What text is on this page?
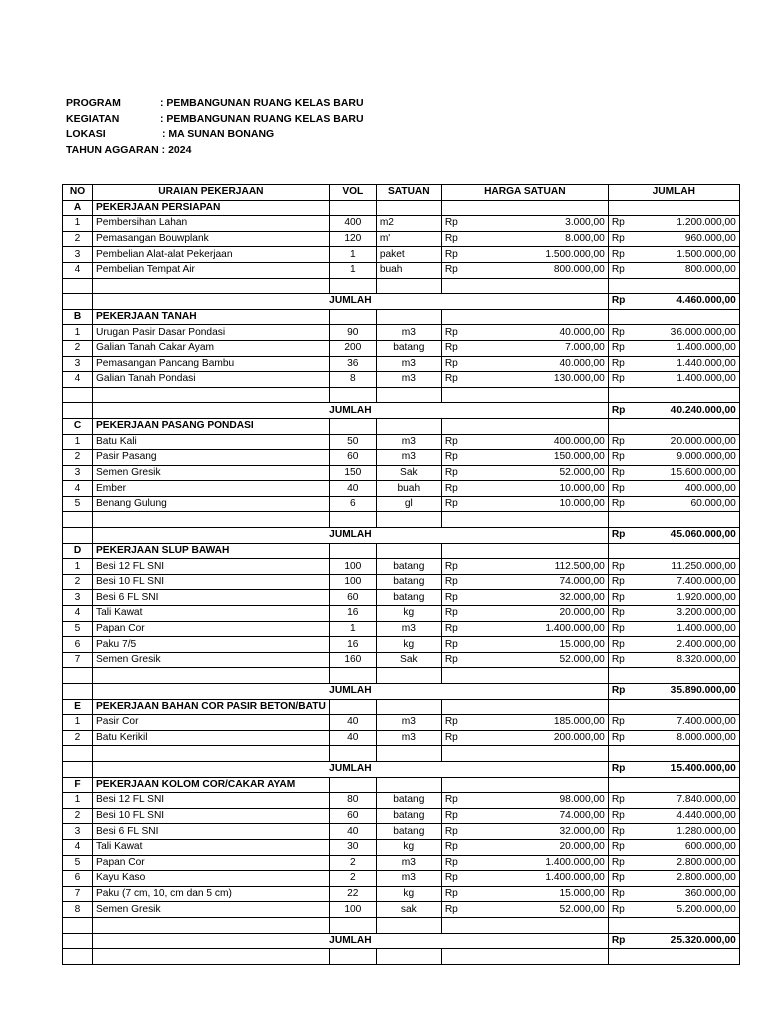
PROGRAM	: PEMBANGUNAN RUANG KELAS BARU
KEGIATAN	: PEMBANGUNAN RUANG KELAS BARU
LOKASI	: MA SUNAN BONANG
TAHUN AGGARAN : 2024
NO	URAIAN PEKERJAAN	VOL	SATUAN	HARGA SATUAN		JUMLAH	
A	PEKERJAAN PERSIAPAN						
1	Pembersihan Lahan	400	m2	Rp	3.000,00	Rp	1.200.000,00
2	Pemasangan Bouwplank	120	m'	Rp	8.000,00	Rp	960.000,00
3	Pembelian Alat-alat Pekerjaan	1	paket	Rp	1.500.000,00	Rp	1.500.000,00
4	Pembelian Tempat Air	1	buah	Rp	800.000,00	Rp	800.000,00

	JUMLAH					Rp	4.460.000,00
B	PEKERJAAN TANAH						
1	Urugan Pasir Dasar Pondasi	90	m3	Rp	40.000,00	Rp	36.000.000,00
2	Galian Tanah Cakar Ayam	200	batang	Rp	7.000,00	Rp	1.400.000,00
3	Pemasangan Pancang Bambu	36	m3	Rp	40.000,00	Rp	1.440.000,00
4	Galian Tanah Pondasi	8	m3	Rp	130.000,00	Rp	1.400.000,00

	JUMLAH					Rp	40.240.000,00
C	PEKERJAAN PASANG PONDASI						
1	Batu Kali	50	m3	Rp	400.000,00	Rp	20.000.000,00
2	Pasir Pasang	60	m3	Rp	150.000,00	Rp	9.000.000,00
3	Semen Gresik	150	Sak	Rp	52.000,00	Rp	15.600.000,00
4	Ember	40	buah	Rp	10.000,00	Rp	400.000,00
5	Benang Gulung	6	gl	Rp	10.000,00	Rp	60.000,00

	JUMLAH					Rp	45.060.000,00
D	PEKERJAAN SLUP BAWAH						
1	Besi 12 FL SNI	100	batang	Rp	112.500,00	Rp	11.250.000,00
2	Besi 10 FL SNI	100	batang	Rp	74.000,00	Rp	7.400.000,00
3	Besi 6 FL SNI	60	batang	Rp	32.000,00	Rp	1.920.000,00
4	Tali Kawat	16	kg	Rp	20.000,00	Rp	3.200.000,00
5	Papan Cor	1	m3	Rp	1.400.000,00	Rp	1.400.000,00
6	Paku 7/5	16	kg	Rp	15.000,00	Rp	2.400.000,00
7	Semen Gresik	160	Sak	Rp	52.000,00	Rp	8.320.000,00

	JUMLAH					Rp	35.890.000,00
E	PEKERJAAN BAHAN COR PASIR BETON/BATU						
1	Pasir Cor	40	m3	Rp	185.000,00	Rp	7.400.000,00
2	Batu Kerikil	40	m3	Rp	200.000,00	Rp	8.000.000,00

	JUMLAH					Rp	15.400.000,00
F	PEKERJAAN KOLOM COR/CAKAR AYAM						
1	Besi 12 FL SNI	80	batang	Rp	98.000,00	Rp	7.840.000,00
2	Besi 10 FL SNI	60	batang	Rp	74.000,00	Rp	4.440.000,00
3	Besi 6 FL SNI	40	batang	Rp	32.000,00	Rp	1.280.000,00
4	Tali Kawat	30	kg	Rp	20.000,00	Rp	600.000,00
5	Papan Cor	2	m3	Rp	1.400.000,00	Rp	2.800.000,00
6	Kayu Kaso	2	m3	Rp	1.400.000,00	Rp	2.800.000,00
7	Paku (7 cm, 10, cm dan 5 cm)	22	kg	Rp	15.000,00	Rp	360.000,00
8	Semen Gresik	100	sak	Rp	52.000,00	Rp	5.200.000,00

	JUMLAH					Rp	25.320.000,00
